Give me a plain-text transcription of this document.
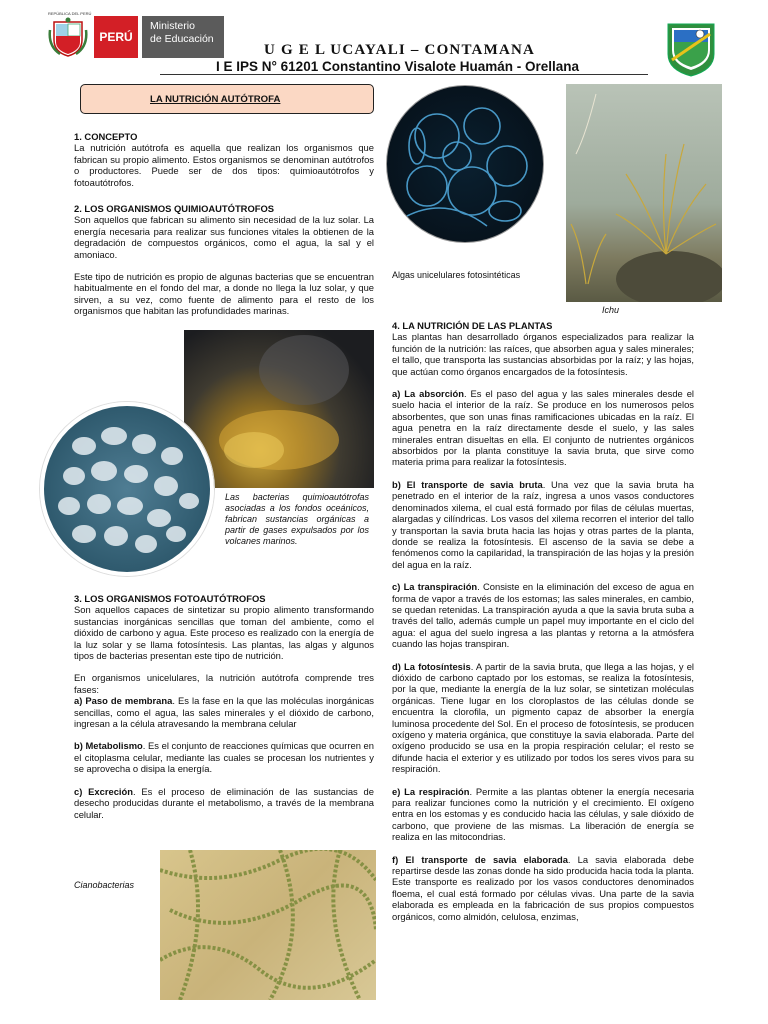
REPÚBLICA DEL PERÚ
PERÚ
Ministerio
de Educación
U G E L UCAYALI – CONTAMANA
I E IPS N° 61201 Constantino Visalote Huamán - Orellana
LA NUTRICIÓN AUTÓTROFA

1. CONCEPTO

La nutrición autótrofa es aquella que realizan los organismos que fabrican su propio alimento. Estos organismos se denominan autótrofos o productores. Puede ser de dos tipos: quimioautótrofos y fotoautótrofos.

2. LOS ORGANISMOS QUIMIOAUTÓTROFOS

Son aquellos que fabrican su alimento sin necesidad de la luz solar. La energía necesaria para realizar sus funciones vitales la obtienen de la degradación de compuestos orgánicos, como el agua, la sal y el amoniaco.

Este tipo de nutrición es propio de algunas bacterias que se encuentran habitualmente en el fondo del mar, a donde no llega la luz solar, y que sirven, a su vez, como fuente de alimento para el resto de los organismos que habitan las profundidades marinas.

Las bacterias quimioautótrofas asociadas a los fondos oceánicos, fabrican sustancias orgánicas a partir de gases expulsados por los volcanes marinos.

3. LOS ORGANISMOS FOTOAUTÓTROFOS

Son aquellos capaces de sintetizar su propio alimento transformando sustancias inorgánicas sencillas que toman del ambiente, como el dióxido de carbono y agua. Este proceso es realizado con la energía de la luz solar y se llama fotosíntesis. Las plantas, las algas y algunos tipos de bacterias presentan este tipo de nutrición.

En organismos unicelulares, la nutrición autótrofa comprende tres fases:

a) Paso de membrana. Es la fase en la que las moléculas inorgánicas sencillas, como el agua, las sales minerales y el dióxido de carbono, ingresan a la célula atravesando la membrana celular

b) Metabolismo. Es el conjunto de reacciones químicas que ocurren en el citoplasma celular, mediante las cuales se procesan los nutrientes y se aprovecha o disipa la energía.

c) Excreción. Es el proceso de eliminación de las sustancias de desecho producidas durante el metabolismo, a través de la membrana celular.

Cianobacterias
Algas unicelulares fotosintéticas
Ichu

4. LA NUTRICIÓN DE LAS PLANTAS

Las plantas han desarrollado órganos especializados para realizar la función de la nutrición: las raíces, que absorben agua y sales minerales; el tallo, que transporta las sustancias absorbidas por la raíz; y las hojas, que actúan como órganos encargados de la fotosíntesis.

a) La absorción. Es el paso del agua y las sales minerales desde el suelo hacia el interior de la raíz. Se produce en los numerosos pelos absorbentes, que son unas finas ramificaciones ubicadas en la raíz. El agua penetra en la raíz directamente desde el suelo, y las sales minerales entran disueltas en ella. El conjunto de nutrientes orgánicos absorbidos por la planta constituye la savia bruta, que sirve como materia prima para realizar la fotosíntesis.

b) El transporte de savia bruta. Una vez que la savia bruta ha penetrado en el interior de la raíz, ingresa a unos vasos conductores denominados xilema, el cual está formado por filas de células muertas, alargadas y cilíndricas. Los vasos del xilema recorren el interior del tallo y transportan la savia bruta hacia las hojas y otras partes de la planta, donde se realiza la fotosíntesis. El ascenso de la savia se debe a fenómenos como la capilaridad, la transpiración de las hojas y la presión del agua en la raíz.

c) La transpiración. Consiste en la eliminación del exceso de agua en forma de vapor a través de los estomas; las sales minerales, en cambio, se quedan retenidas. La transpiración ayuda a que la savia bruta suba a través del tallo, además cumple un papel muy importante en el ciclo del agua: el agua del suelo ingresa a las plantas y retorna a la atmósfera cuando las hojas transpiran.

d) La fotosíntesis. A partir de la savia bruta, que llega a las hojas, y el dióxido de carbono captado por los estomas, se realiza la fotosíntesis, por la que, mediante la energía de la luz solar, se sintetizan moléculas orgánicas. Tiene lugar en los cloroplastos de las células donde se encuentra la clorofila, un pigmento capaz de absorber la energía luminosa procedente del Sol. En el proceso de fotosíntesis, se producen oxígeno y materia orgánica, que constituye la savia elaborada. Parte del oxígeno producido se usa en la propia respiración celular; el resto se difunde hacia el exterior y es utilizado por todos los seres vivos para su respiración.

e) La respiración. Permite a las plantas obtener la energía necesaria para realizar funciones como la nutrición y el crecimiento. El oxígeno entra en los estomas y es conducido hacia las células, y sale dióxido de carbono, que proviene de las mismas. La liberación de energía se realiza en las mitocondrias.

f) El transporte de savia elaborada. La savia elaborada debe repartirse desde las zonas donde ha sido producida hacia toda la planta. Este transporte es realizado por los vasos conductores denominados floema, el cual está formado por células vivas. Una parte de la savia elaborada es empleada en la fabricación de sus propios compuestos orgánicos, como almidón, celulosa, enzimas,
